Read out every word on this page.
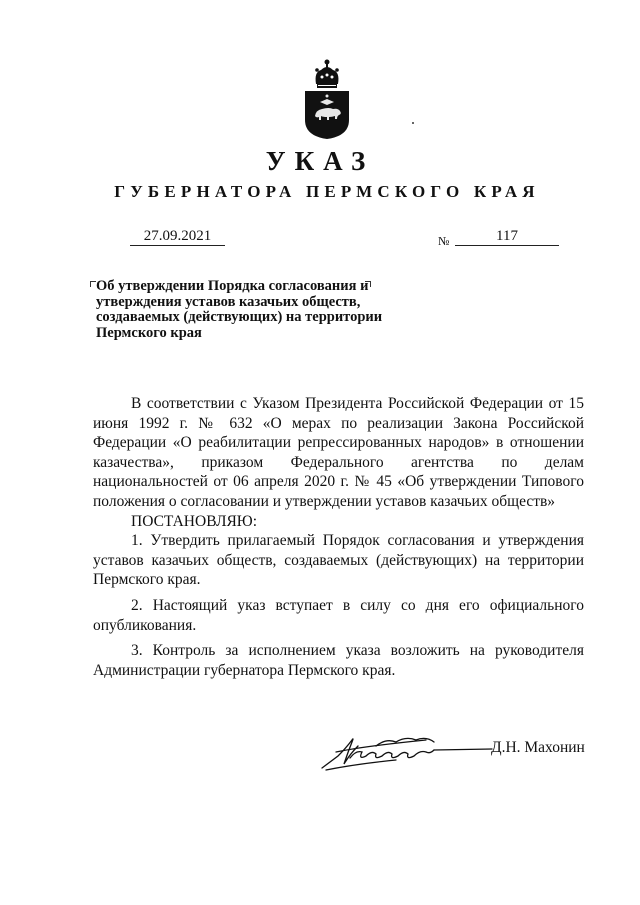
УКАЗ
ГУБЕРНАТОРА ПЕРМСКОГО КРАЯ
27.09.2021	№	117
Об утверждении Порядка согласования и утверждения уставов казачьих обществ, создаваемых (действующих) на территории Пермского края

В соответствии с Указом Президента Российской Федерации от 15 июня 1992 г. № 632 «О мерах по реализации Закона Российской Федерации «О реабилитации репрессированных народов» в отношении казачества», приказом Федерального агентства по делам национальностей от 06 апреля 2020 г. № 45 «Об утверждении Типового положения о согласовании и утверждении уставов казачьих обществ»

ПОСТАНОВЛЯЮ:

1. Утвердить прилагаемый Порядок согласования и утверждения уставов казачьих обществ, создаваемых (действующих) на территории Пермского края.

2. Настоящий указ вступает в силу со дня его официального опубликования.

3. Контроль за исполнением указа возложить на руководителя Администрации губернатора Пермского края.

Д.Н. Махонин
